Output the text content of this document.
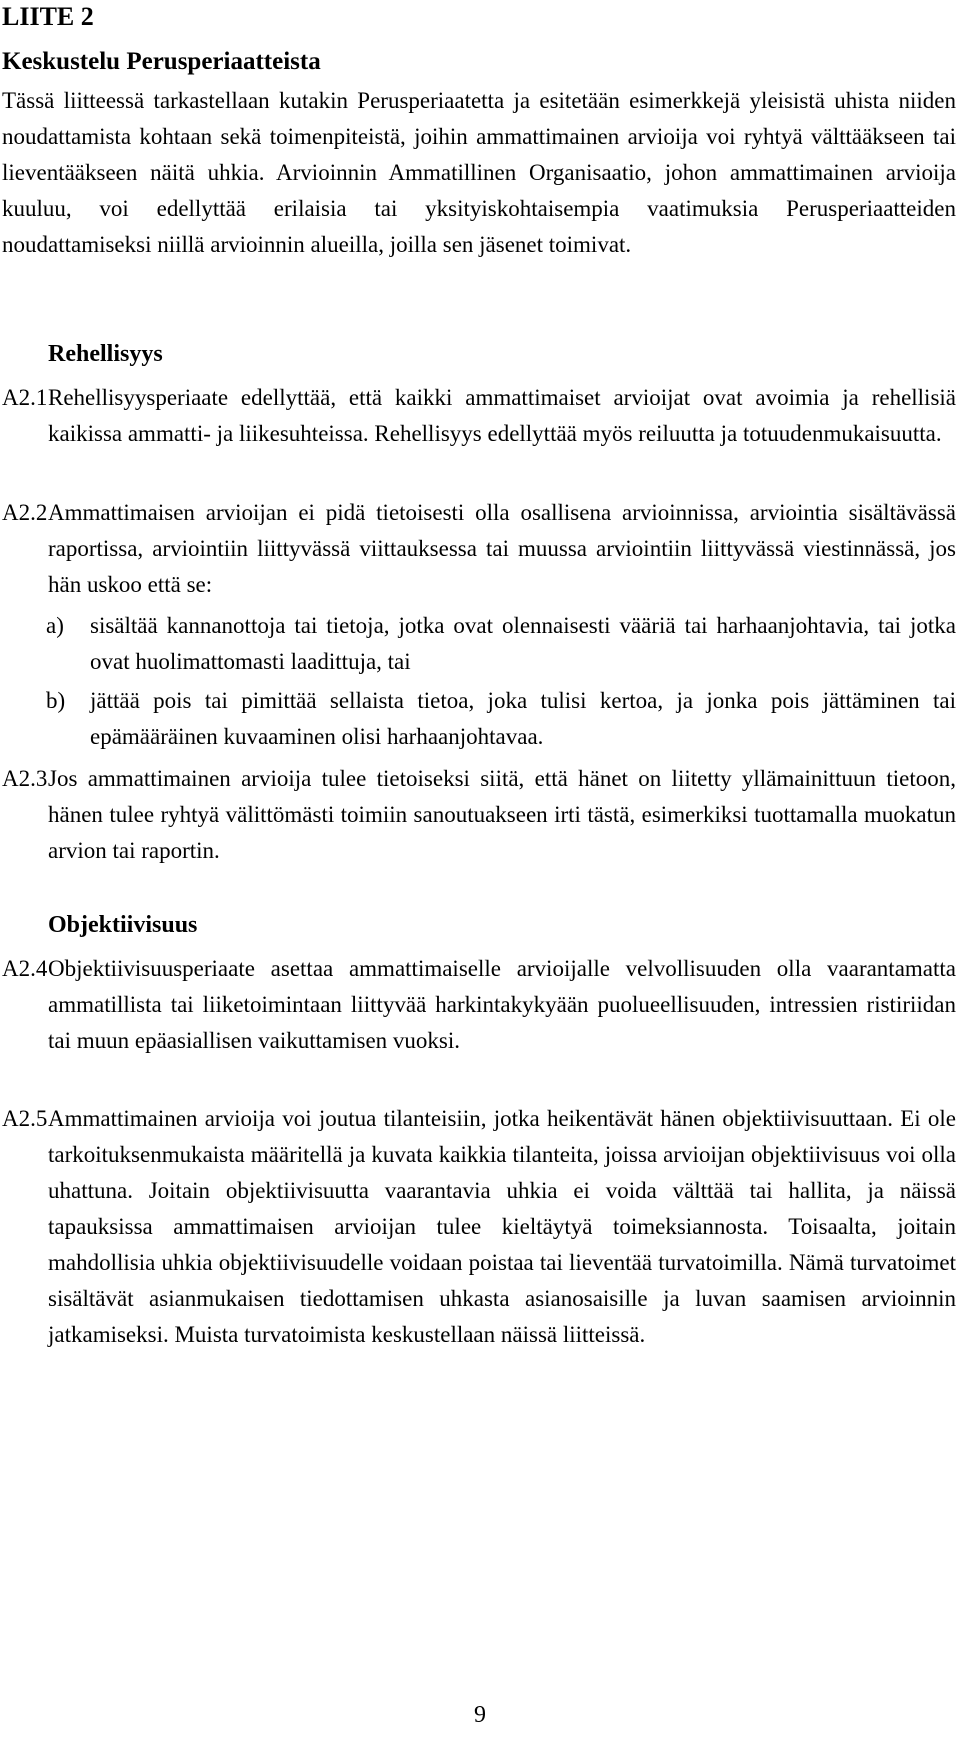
LIITE 2
Keskustelu Perusperiaatteista

Tässä liitteessä tarkastellaan kutakin Perusperiaatetta ja esitetään esimerkkejä yleisistä uhista niiden noudattamista kohtaan sekä toimenpiteistä, joihin ammattimainen arvioija voi ryhtyä välttääkseen tai lieventääkseen näitä uhkia. Arvioinnin Ammatillinen Organisaatio, johon ammattimainen arvioija kuuluu, voi edellyttää erilaisia tai yksityiskohtaisempia vaatimuksia Perusperiaatteiden noudattamiseksi niillä arvioinnin alueilla, joilla sen jäsenet toimivat.

Rehellisyys
A2.1 Rehellisyysperiaate edellyttää, että kaikki ammattimaiset arvioijat ovat avoimia ja rehellisiä kaikissa ammatti- ja liikesuhteissa. Rehellisyys edellyttää myös reiluutta ja totuudenmukaisuutta.
A2.2 Ammattimaisen arvioijan ei pidä tietoisesti olla osallisena arvioinnissa, arviointia sisältävässä raportissa, arviointiin liittyvässä viittauksessa tai muussa arviointiin liittyvässä viestinnässä, jos hän uskoo että se:
a) sisältää kannanottoja tai tietoja, jotka ovat olennaisesti vääriä tai harhaanjohtavia, tai jotka ovat huolimattomasti laadittuja, tai
b) jättää pois tai pimittää sellaista tietoa, joka tulisi kertoa, ja jonka pois jättäminen tai epämääräinen kuvaaminen olisi harhaanjohtavaa.
A2.3 Jos ammattimainen arvioija tulee tietoiseksi siitä, että hänet on liitetty yllämainittuun tietoon, hänen tulee ryhtyä välittömästi toimiin sanoutuakseen irti tästä, esimerkiksi tuottamalla muokatun arvion tai raportin.
Objektiivisuus
A2.4 Objektiivisuusperiaate asettaa ammattimaiselle arvioijalle velvollisuuden olla vaarantamatta ammatillista tai liiketoimintaan liittyvää harkintakykyään puolueellisuuden, intressien ristiriidan tai muun epäasiallisen vaikuttamisen vuoksi.
A2.5 Ammattimainen arvioija voi joutua tilanteisiin, jotka heikentävät hänen objektiivisuuttaan. Ei ole tarkoituksenmukaista määritellä ja kuvata kaikkia tilanteita, joissa arvioijan objektiivisuus voi olla uhattuna. Joitain objektiivisuutta vaarantavia uhkia ei voida välttää tai hallita, ja näissä tapauksissa ammattimaisen arvioijan tulee kieltäytyä toimeksiannosta. Toisaalta, joitain mahdollisia uhkia objektiivisuudelle voidaan poistaa tai lieventää turvatoimilla. Nämä turvatoimet sisältävät asianmukaisen tiedottamisen uhkasta asianosaisille ja luvan saamisen arvioinnin jatkamiseksi. Muista turvatoimista keskustellaan näissä liitteissä.
9
